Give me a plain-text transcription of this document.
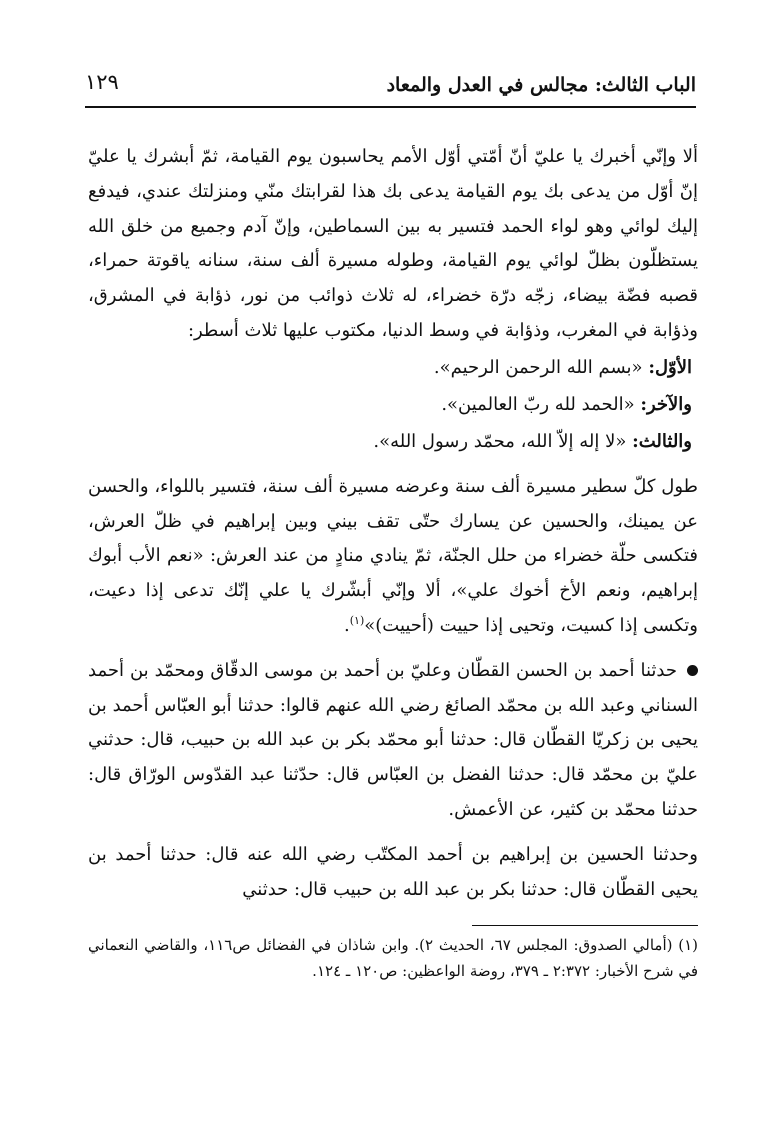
الباب الثالث: مجالس في العدل والمعاد
١٢٩

ألا وإنّي أخبرك يا عليّ أنّ أمّتي أوّل الأمم يحاسبون يوم القيامة، ثمّ أبشرك يا عليّ إنّ أوّل من يدعى بك يوم القيامة يدعى بك هذا لقرابتك منّي ومنزلتك عندي، فيدفع إليك لوائي وهو لواء الحمد فتسير به بين السماطين، وإنّ آدم وجميع من خلق الله يستظلّون بظلّ لوائي يوم القيامة، وطوله مسيرة ألف سنة، سنانه ياقوتة حمراء، قصبه فضّة بيضاء، زجّه درّة خضراء، له ثلاث ذوائب من نور، ذؤابة في المشرق، وذؤابة في المغرب، وذؤابة في وسط الدنيا، مكتوب عليها ثلاث أسطر:

الأوّل: «بسم الله الرحمن الرحيم».

والآخر: «الحمد لله ربّ العالمين».

والثالث: «لا إله إلاّ الله، محمّد رسول الله».

طول كلّ سطير مسيرة ألف سنة وعرضه مسيرة ألف سنة، فتسير باللواء، والحسن عن يمينك، والحسين عن يسارك حتّى تقف بيني وبين إبراهيم في ظلّ العرش، فتكسى حلّة خضراء من حلل الجنّة، ثمّ ينادي منادٍ من عند العرش: «نعم الأب أبوك إبراهيم، ونعم الأخ أخوك علي»، ألا وإنّي أبشّرك يا علي إنّك تدعى إذا دعيت، وتكسى إذا كسيت، وتحيى إذا حييت (أحييت)»$^{(١)}$.

حدثنا أحمد بن الحسن القطّان وعليّ بن أحمد بن موسى الدقّاق ومحمّد بن أحمد السناني وعبد الله بن محمّد الصائغ رضي الله عنهم قالوا: حدثنا أبو العبّاس أحمد بن يحيى بن زكريّا القطّان قال: حدثنا أبو محمّد بكر بن عبد الله بن حبيب، قال: حدثني عليّ بن محمّد قال: حدثنا الفضل بن العبّاس قال: حدّثنا عبد القدّوس الورّاق قال: حدثنا محمّد بن كثير، عن الأعمش.

وحدثنا الحسين بن إبراهيم بن أحمد المكتّب رضي الله عنه قال: حدثنا أحمد بن يحيى القطّان قال: حدثنا بكر بن عبد الله بن حبيب قال: حدثني

(١) (أمالي الصدوق: المجلس ٦٧، الحديث ٢). وابن شاذان في الفضائل ص١١٦، والقاضي النعماني في شرح الأخبار: ٢:٣٧٢ ـ ٣٧٩، روضة الواعظين: ص١٢٠ ـ ١٢٤.
